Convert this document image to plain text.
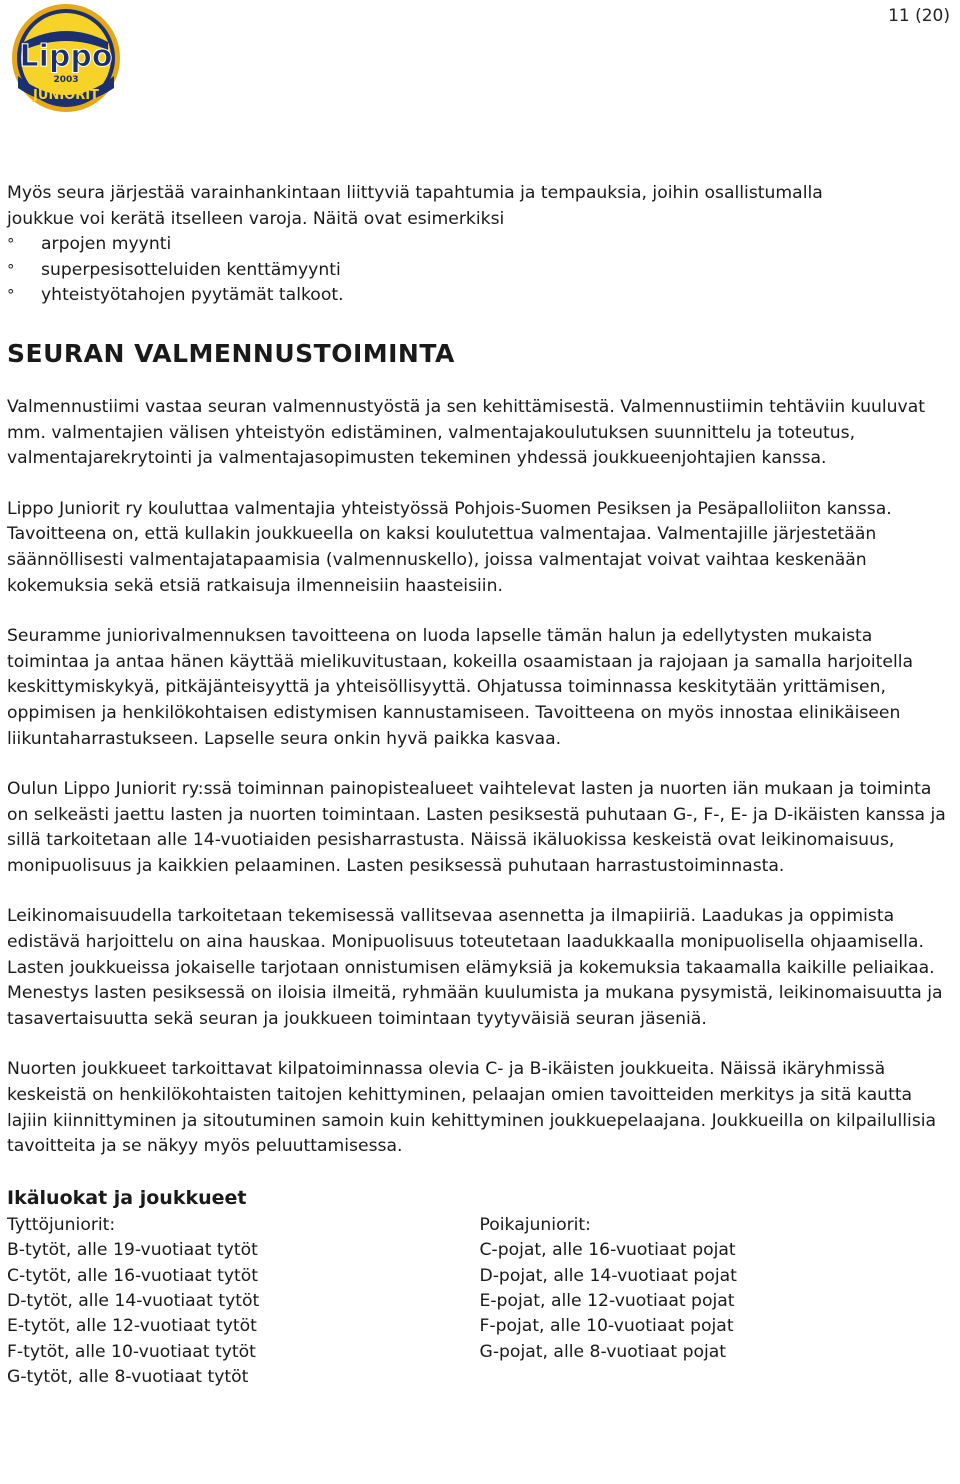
11 (20)
Lippo
2003
JUNIORIT

Myös seura järjestää varainhankintaan liittyviä tapahtumia ja tempauksia, joihin osallistumalla

joukkue voi kerätä itselleen varoja. Näitä ovat esimerkiksi

° arpojen myynti
° superpesisotteluiden kenttämyynti
° yhteistyötahojen pyytämät talkoot.
SEURAN VALMENNUSTOIMINTA

Valmennustiimi vastaa seuran valmennustyöstä ja sen kehittämisestä. Valmennustiimin tehtäviin kuuluvat mm. valmentajien välisen yhteistyön edistäminen, valmentajakoulutuksen suunnittelu ja toteutus, valmentajarekrytointi ja valmentajasopimusten tekeminen yhdessä joukkueenjohtajien kanssa.

Lippo Juniorit ry kouluttaa valmentajia yhteistyössä Pohjois-Suomen Pesiksen ja Pesäpalloliiton kanssa. Tavoitteena on, että kullakin joukkueella on kaksi koulutettua valmentajaa. Valmentajille järjestetään säännöllisesti valmentajatapaamisia (valmennuskello), joissa valmentajat voivat vaihtaa keskenään kokemuksia sekä etsiä ratkaisuja ilmenneisiin haasteisiin.

Seuramme juniorivalmennuksen tavoitteena on luoda lapselle tämän halun ja edellytysten mukaista toimintaa ja antaa hänen käyttää mielikuvitustaan, kokeilla osaamistaan ja rajojaan ja samalla harjoitella keskittymiskykyä, pitkäjänteisyyttä ja yhteisöllisyyttä. Ohjatussa toiminnassa keskitytään yrittämisen, oppimisen ja henkilökohtaisen edistymisen kannustamiseen. Tavoitteena on myös innostaa elinikäiseen liikuntaharrastukseen. Lapselle seura onkin hyvä paikka kasvaa.

Oulun Lippo Juniorit ry:ssä toiminnan painopistealueet vaihtelevat lasten ja nuorten iän mukaan ja toiminta on selkeästi jaettu lasten ja nuorten toimintaan. Lasten pesiksestä puhutaan G-, F-, E- ja D-ikäisten kanssa ja sillä tarkoitetaan alle 14-vuotiaiden pesisharrastusta. Näissä ikäluokissa keskeistä ovat leikinomaisuus, monipuolisuus ja kaikkien pelaaminen. Lasten pesiksessä puhutaan harrastustoiminnasta.

Leikinomaisuudella tarkoitetaan tekemisessä vallitsevaa asennetta ja ilmapiiriä. Laadukas ja oppimista edistävä harjoittelu on aina hauskaa. Monipuolisuus toteutetaan laadukkaalla monipuolisella ohjaamisella. Lasten joukkueissa jokaiselle tarjotaan onnistumisen elämyksiä ja kokemuksia takaamalla kaikille peliaikaa. Menestys lasten pesiksessä on iloisia ilmeitä, ryhmään kuulumista ja mukana pysymistä, leikinomaisuutta ja tasavertaisuutta sekä seuran ja joukkueen toimintaan tyytyväisiä seuran jäseniä.

Nuorten joukkueet tarkoittavat kilpatoiminnassa olevia C- ja B-ikäisten joukkueita. Näissä ikäryhmissä keskeistä on henkilökohtaisten taitojen kehittyminen, pelaajan omien tavoitteiden merkitys ja sitä kautta lajiin kiinnittyminen ja sitoutuminen samoin kuin kehittyminen joukkuepelaajana. Joukkueilla on kilpailullisia tavoitteita ja se näkyy myös peluuttamisessa.

Ikäluokat ja joukkueet

Tyttöjuniorit:
B-tytöt, alle 19-vuotiaat tytöt
C-tytöt, alle 16-vuotiaat tytöt
D-tytöt, alle 14-vuotiaat tytöt
E-tytöt, alle 12-vuotiaat tytöt
F-tytöt, alle 10-vuotiaat tytöt
G-tytöt, alle 8-vuotiaat tytöt
Poikajuniorit:
C-pojat, alle 16-vuotiaat pojat
D-pojat, alle 14-vuotiaat pojat
E-pojat, alle 12-vuotiaat pojat
F-pojat, alle 10-vuotiaat pojat
G-pojat, alle 8-vuotiaat pojat
